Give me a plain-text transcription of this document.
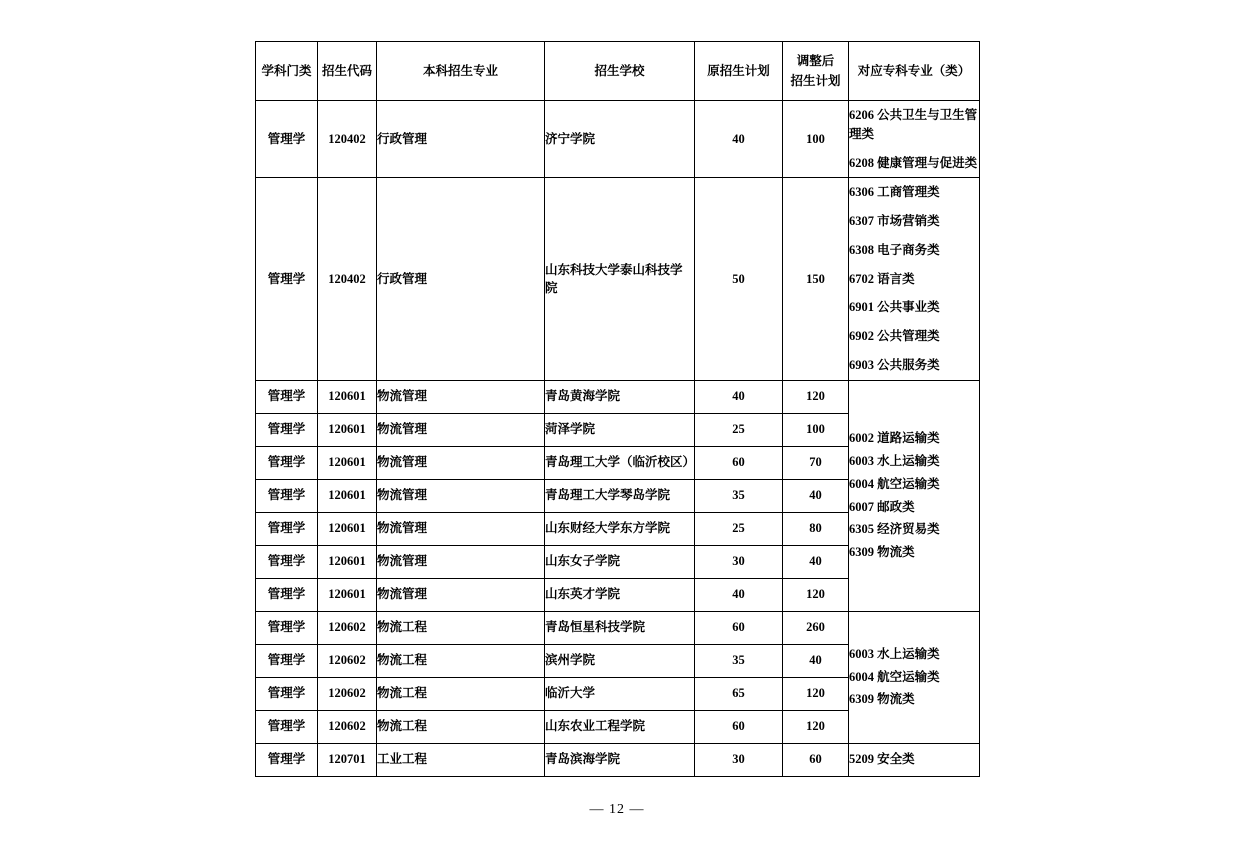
学科门类	招生代码	本科招生专业	招生学校	原招生计划	调整后
招生计划	对应专科专业（类）
管理学	120402	行政管理	济宁学院	40	100	6206 公共卫生与卫生管理类
6208 健康管理与促进类

管理学	120402	行政管理	山东科技大学泰山科技学院	50	150	
6306 工商管理类
6307 市场营销类
6308 电子商务类
6702 语言类
6901 公共事业类
6902 公共管理类
6903 公共服务类

管理学	120601	物流管理	青岛黄海学院	40	120	
6002 道路运输类
6003 水上运输类
6004 航空运输类
6007 邮政类
6305 经济贸易类
6309 物流类

管理学	120601	物流管理	菏泽学院	25	100	
管理学	120601	物流管理	青岛理工大学（临沂校区）	60	70	
管理学	120601	物流管理	青岛理工大学琴岛学院	35	40	
管理学	120601	物流管理	山东财经大学东方学院	25	80	
管理学	120601	物流管理	山东女子学院	30	40	
管理学	120601	物流管理	山东英才学院	40	120	
管理学	120602	物流工程	青岛恒星科技学院	60	260	6003 水上运输类
6004 航空运输类
6309 物流类

管理学	120602	物流工程	滨州学院	35	40	
管理学	120602	物流工程	临沂大学	65	120	
管理学	120602	物流工程	山东农业工程学院	60	120	
管理学	120701	工业工程	青岛滨海学院	30	60	5209 安全类
— 12 —
